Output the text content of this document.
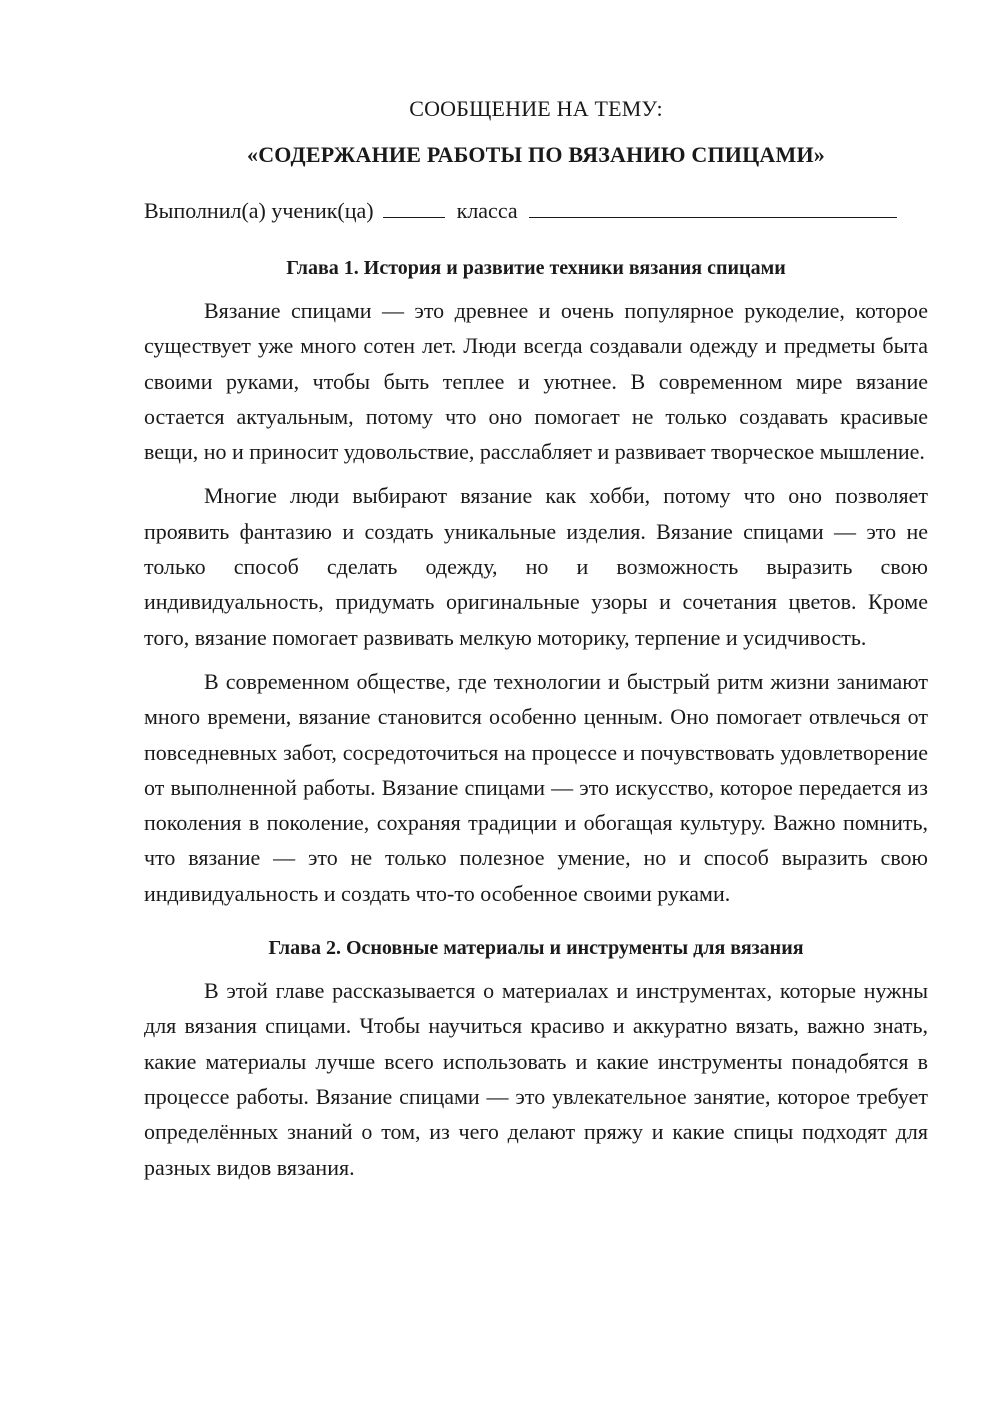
СООБЩЕНИЕ НА ТЕМУ:

«СОДЕРЖАНИЕ РАБОТЫ ПО ВЯЗАНИЮ СПИЦАМИ»

Выполнил(а) ученик(ца)	класса

Глава 1. История и развитие техники вязания спицами

Вязание спицами — это древнее и очень популярное рукоделие, которое существует уже много сотен лет. Люди всегда создавали одежду и предметы быта своими руками, чтобы быть теплее и уютнее. В современном мире вязание остается актуальным, потому что оно помогает не только создавать красивые вещи, но и приносит удовольствие, расслабляет и развивает творческое мышление.

Многие люди выбирают вязание как хобби, потому что оно позволяет проявить фантазию и создать уникальные изделия. Вязание спицами — это не только способ сделать одежду, но и возможность выразить свою индивидуальность, придумать оригинальные узоры и сочетания цветов. Кроме того, вязание помогает развивать мелкую моторику, терпение и усидчивость.

В современном обществе, где технологии и быстрый ритм жизни занимают много времени, вязание становится особенно ценным. Оно помогает отвлечься от повседневных забот, сосредоточиться на процессе и почувствовать удовлетворение от выполненной работы. Вязание спицами — это искусство, которое передается из поколения в поколение, сохраняя традиции и обогащая культуру. Важно помнить, что вязание — это не только полезное умение, но и способ выразить свою индивидуальность и создать что-то особенное своими руками.

Глава 2. Основные материалы и инструменты для вязания

В этой главе рассказывается о материалах и инструментах, которые нужны для вязания спицами. Чтобы научиться красиво и аккуратно вязать, важно знать, какие материалы лучше всего использовать и какие инструменты понадобятся в процессе работы. Вязание спицами — это увлекательное занятие, которое требует определённых знаний о том, из чего делают пряжу и какие спицы подходят для разных видов вязания.
